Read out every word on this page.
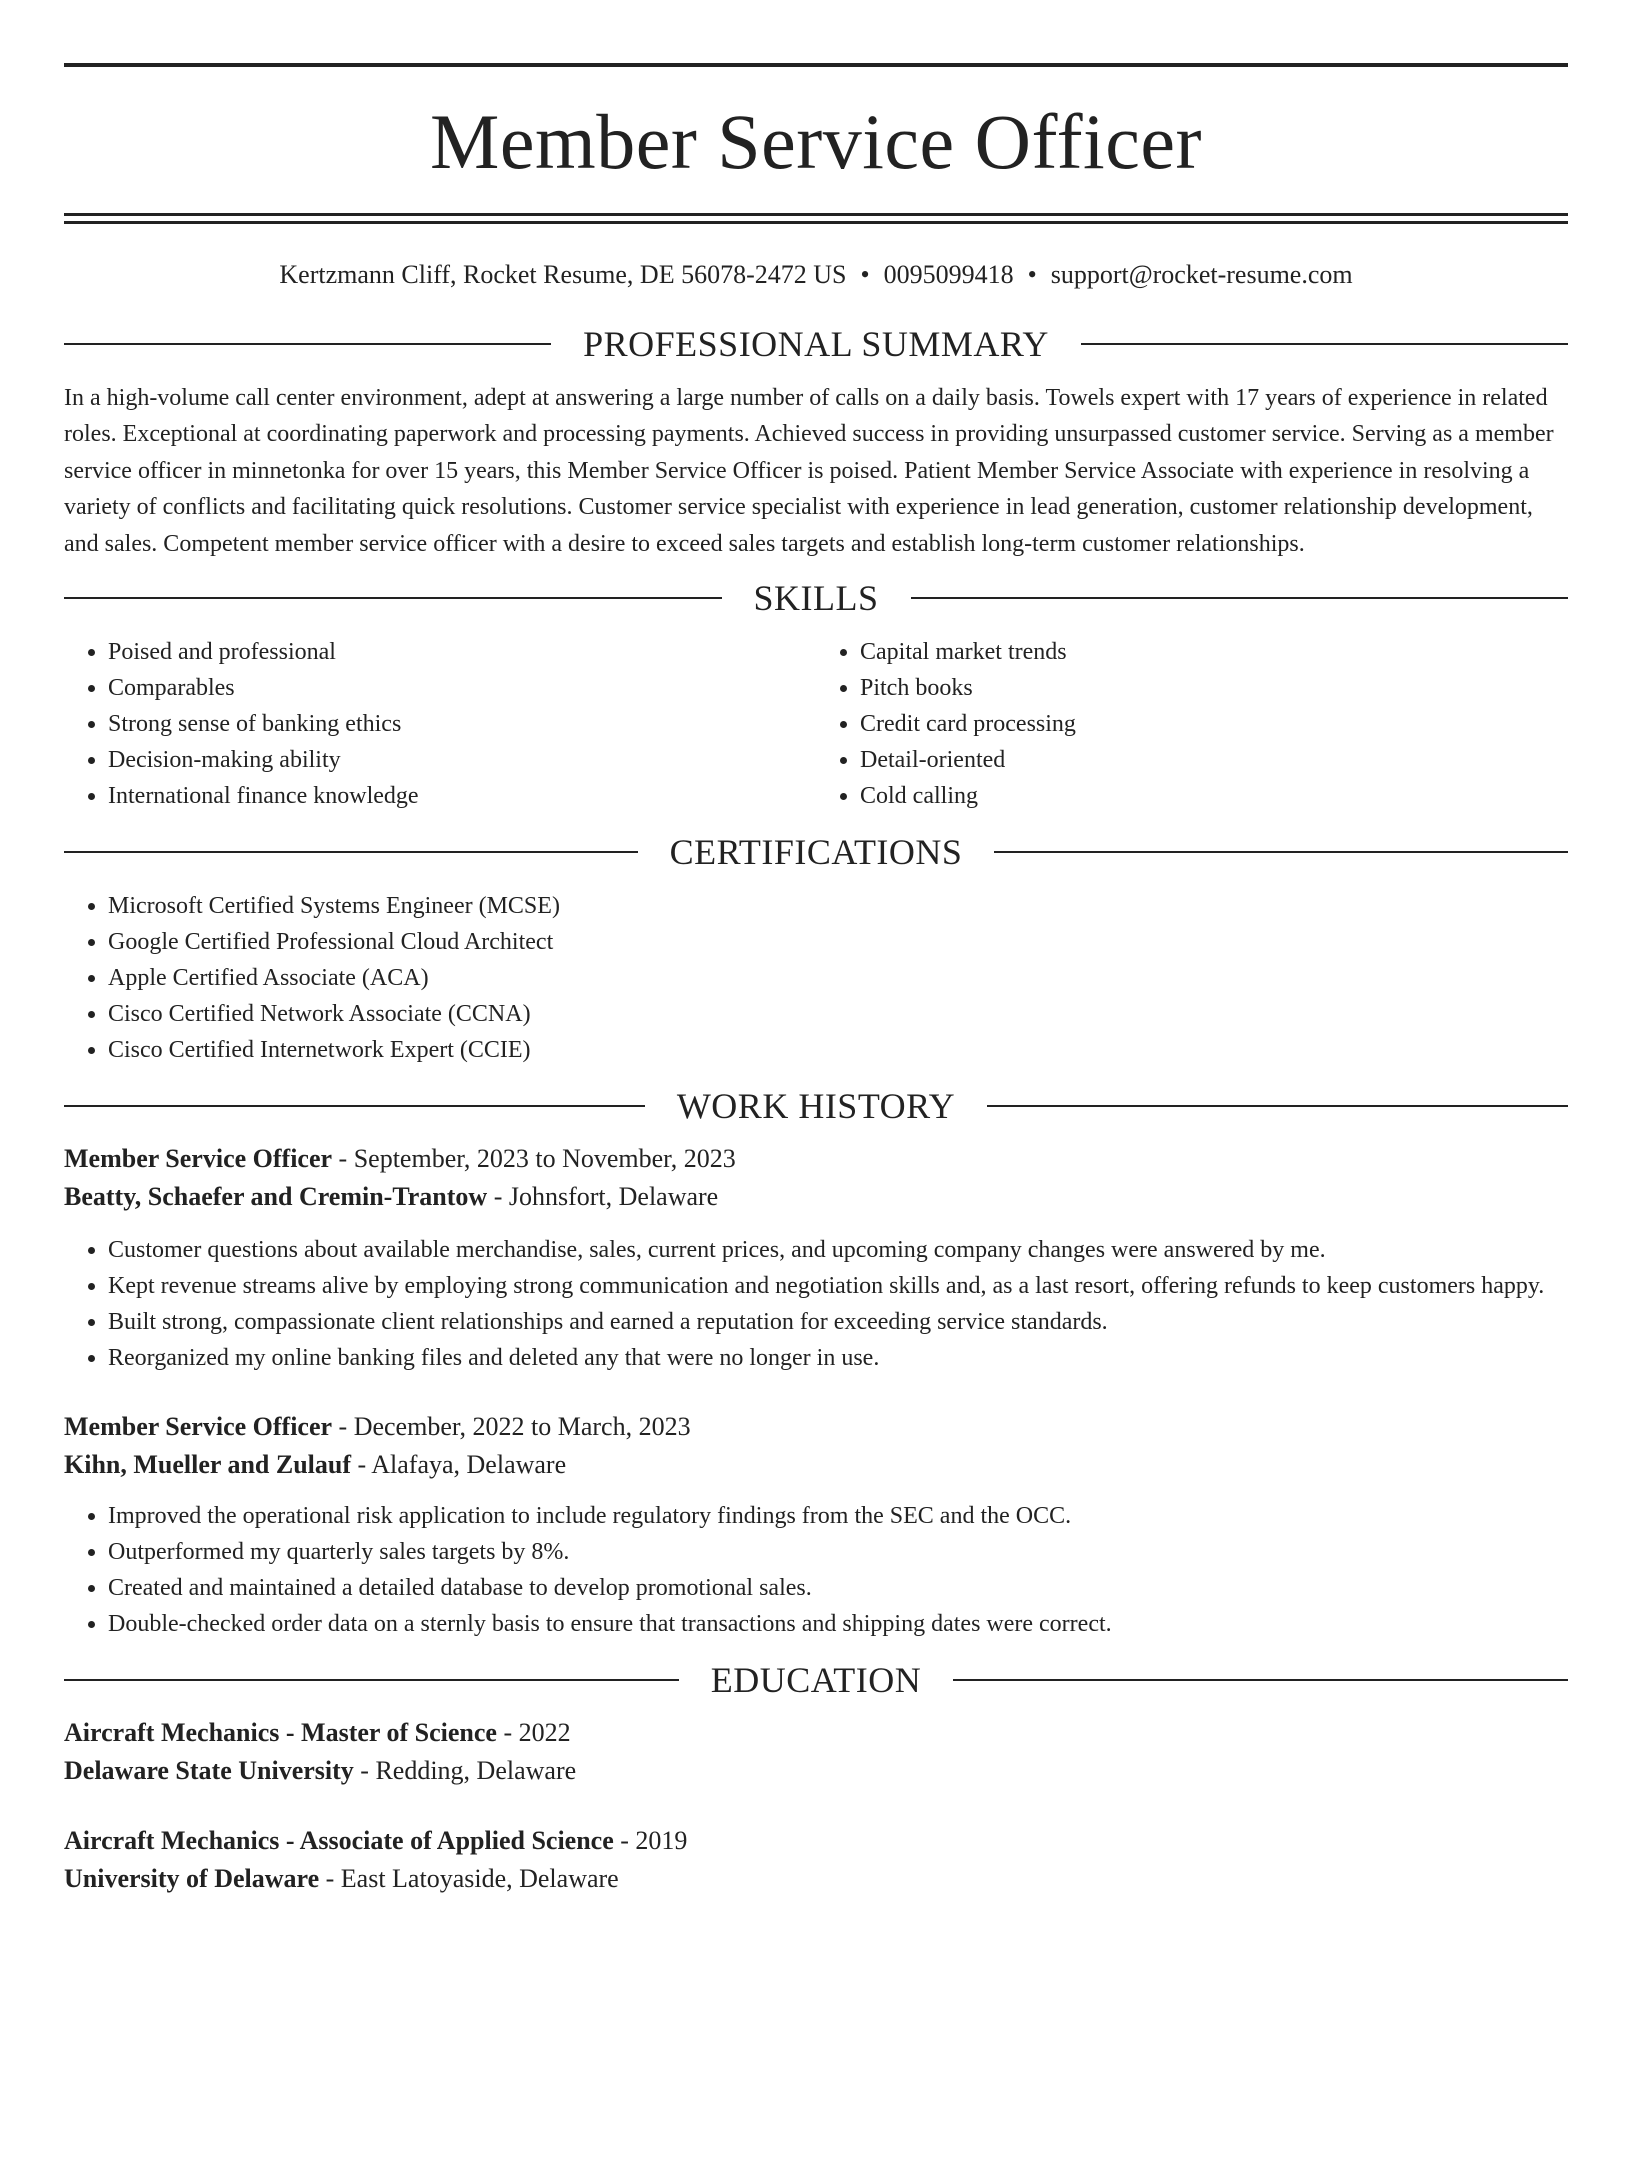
Member Service Officer
Kertzmann Cliff, Rocket Resume, DE 56078-2472 US • 0095099418 • support@rocket-resume.com
PROFESSIONAL SUMMARY

In a high-volume call center environment, adept at answering a large number of calls on a daily basis. Towels expert with 17 years of experience in related roles. Exceptional at coordinating paperwork and processing payments. Achieved success in providing unsurpassed customer service. Serving as a member service officer in minnetonka for over 15 years, this Member Service Officer is poised. Patient Member Service Associate with experience in resolving a variety of conflicts and facilitating quick resolutions. Customer service specialist with experience in lead generation, customer relationship development, and sales. Competent member service officer with a desire to exceed sales targets and establish long-term customer relationships.

SKILLS
• Poised and professional
• Comparables
• Strong sense of banking ethics
• Decision-making ability
• International finance knowledge
• Capital market trends
• Pitch books
• Credit card processing
• Detail-oriented
• Cold calling
CERTIFICATIONS
• Microsoft Certified Systems Engineer (MCSE)
• Google Certified Professional Cloud Architect
• Apple Certified Associate (ACA)
• Cisco Certified Network Associate (CCNA)
• Cisco Certified Internetwork Expert (CCIE)
WORK HISTORY
Member Service Officer - September, 2023 to November, 2023
Beatty, Schaefer and Cremin-Trantow - Johnsfort, Delaware
• Customer questions about available merchandise, sales, current prices, and upcoming company changes were answered by me.
• Kept revenue streams alive by employing strong communication and negotiation skills and, as a last resort, offering refunds to keep customers happy.
• Built strong, compassionate client relationships and earned a reputation for exceeding service standards.
• Reorganized my online banking files and deleted any that were no longer in use.
Member Service Officer - December, 2022 to March, 2023
Kihn, Mueller and Zulauf - Alafaya, Delaware
• Improved the operational risk application to include regulatory findings from the SEC and the OCC.
• Outperformed my quarterly sales targets by 8%.
• Created and maintained a detailed database to develop promotional sales.
• Double-checked order data on a sternly basis to ensure that transactions and shipping dates were correct.
EDUCATION
Aircraft Mechanics - Master of Science - 2022
Delaware State University - Redding, Delaware
Aircraft Mechanics - Associate of Applied Science - 2019
University of Delaware - East Latoyaside, Delaware
